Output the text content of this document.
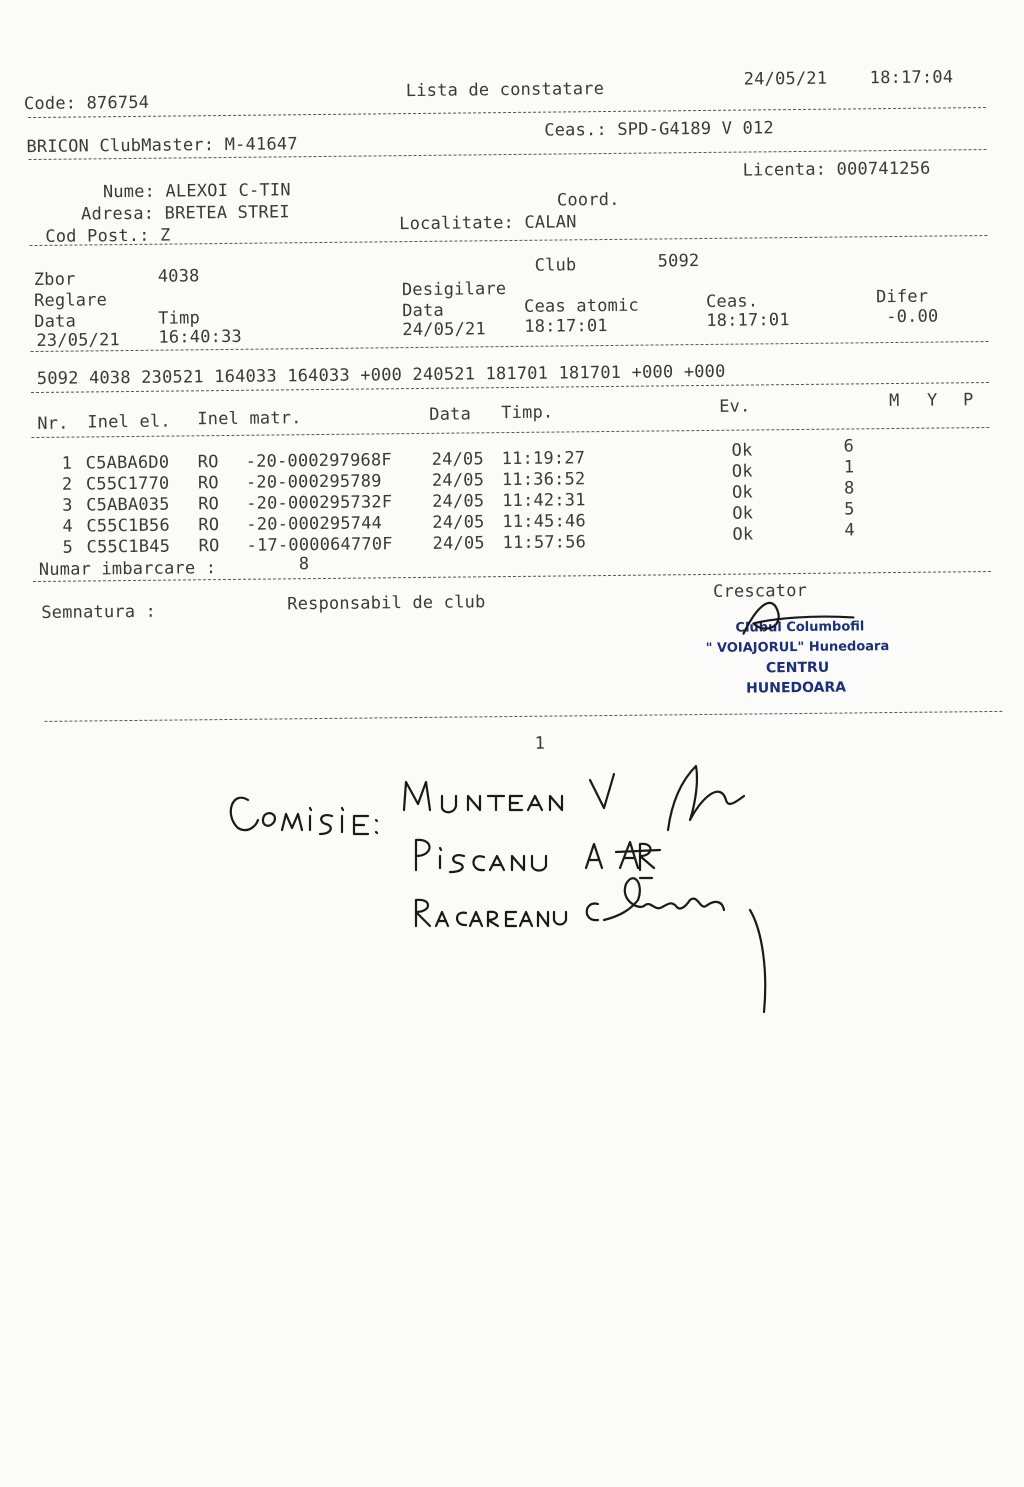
Code: 876754
Lista de constatare	24/05/21 18:17:04
BRICON ClubMaster: M-41647
Ceas.: SPD-G4189 V 012
Licenta: 000741256
Nume: ALEXOI C-TIN
Adresa: BRETEA STREI
Coord.
Cod Post.: Z
Localitate: CALAN
Zbor	4038
Club	5092
Reglare
Desigilare
Data	Timp	Data	Ceas atomic	Ceas.	Difer
23/05/21 16:40:33	24/05/21 18:17:01	18:17:01	-0.00
5092 4038 230521 164033 164033 +000 240521 181701 181701 +000 +000
Nr. Inel el. Inel matr.	Data Timp.	Ev.	M Y P
1 C5ABA6D0 RO -20-000297968F 24/05 11:19:27	Ok	6
2 C55C1770 RO -20-000295789	24/05 11:36:52	Ok	1
3 C5ABA035 RO -20-000295732F 24/05 11:42:31	Ok	8
4 C55C1B56 RO -20-000295744	24/05 11:45:46	Ok	5
5 C55C1B45 RO -17-000064770F 24/05 11:57:56	Ok	4
Numar imbarcare :	8
Semnatura :	Responsabil de club
Crescator
Clubul Columbofil
" VOIAJORUL" Hunedoara
CENTRU
HUNEDOARA
1
